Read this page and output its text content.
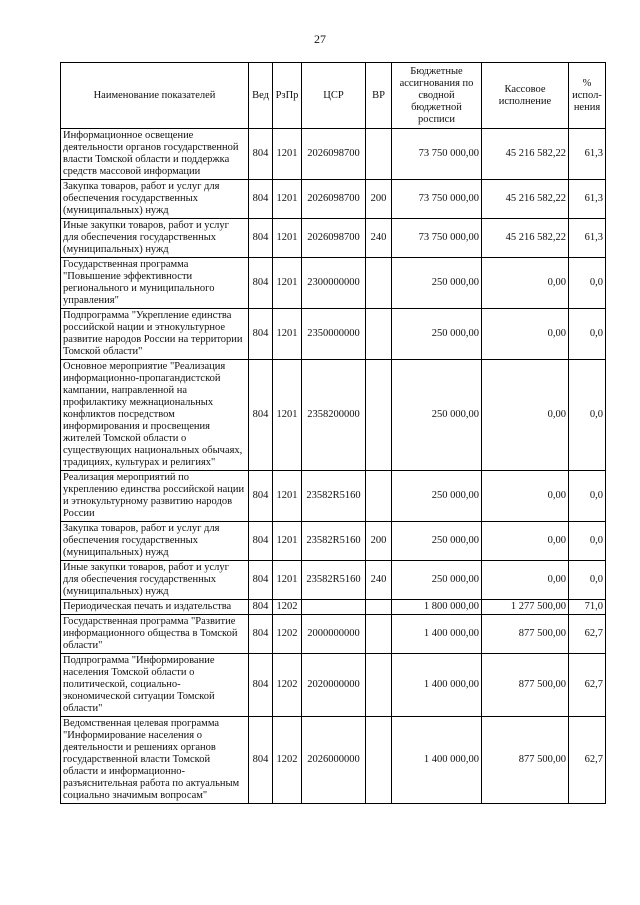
27
Наименование показателей	Вед	РзПр	ЦСР	ВР	Бюджетные ассигнования по сводной бюджетной росписи	Кассовое исполнение	% испол-нения
Информационное освещение деятельности органов государственной власти Томской области и поддержка средств массовой информации	804	1201	2026098700		73 750 000,00	45 216 582,22	61,3
Закупка товаров, работ и услуг для обеспечения государственных (муниципальных) нужд	804	1201	2026098700	200	73 750 000,00	45 216 582,22	61,3
Иные закупки товаров, работ и услуг для обеспечения государственных (муниципальных) нужд	804	1201	2026098700	240	73 750 000,00	45 216 582,22	61,3
Государственная программа "Повышение эффективности регионального и муниципального управления"	804	1201	2300000000		250 000,00	0,00	0,0
Подпрограмма "Укрепление единства российской нации и этнокультурное развитие народов России на территории Томской области"	804	1201	2350000000		250 000,00	0,00	0,0
Основное мероприятие "Реализация информационно-пропагандистской кампании, направленной на профилактику межнациональных конфликтов посредством информирования и просвещения жителей Томской области о существующих национальных обычаях, традициях, культурах и религиях"	804	1201	2358200000		250 000,00	0,00	0,0
Реализация мероприятий по укреплению единства российской нации и этнокультурному развитию народов России	804	1201	23582R5160		250 000,00	0,00	0,0
Закупка товаров, работ и услуг для обеспечения государственных (муниципальных) нужд	804	1201	23582R5160	200	250 000,00	0,00	0,0
Иные закупки товаров, работ и услуг для обеспечения государственных (муниципальных) нужд	804	1201	23582R5160	240	250 000,00	0,00	0,0
Периодическая печать и издательства	804	1202			1 800 000,00	1 277 500,00	71,0
Государственная программа "Развитие информационного общества в Томской области"	804	1202	2000000000		1 400 000,00	877 500,00	62,7
Подпрограмма "Информирование населения Томской области о политической, социально-экономической ситуации Томской области"	804	1202	2020000000		1 400 000,00	877 500,00	62,7
Ведомственная целевая программа "Информирование населения о деятельности и решениях органов государственной власти Томской области и информационно-разъяснительная работа по актуальным социально значимым вопросам"	804	1202	2026000000		1 400 000,00	877 500,00	62,7
